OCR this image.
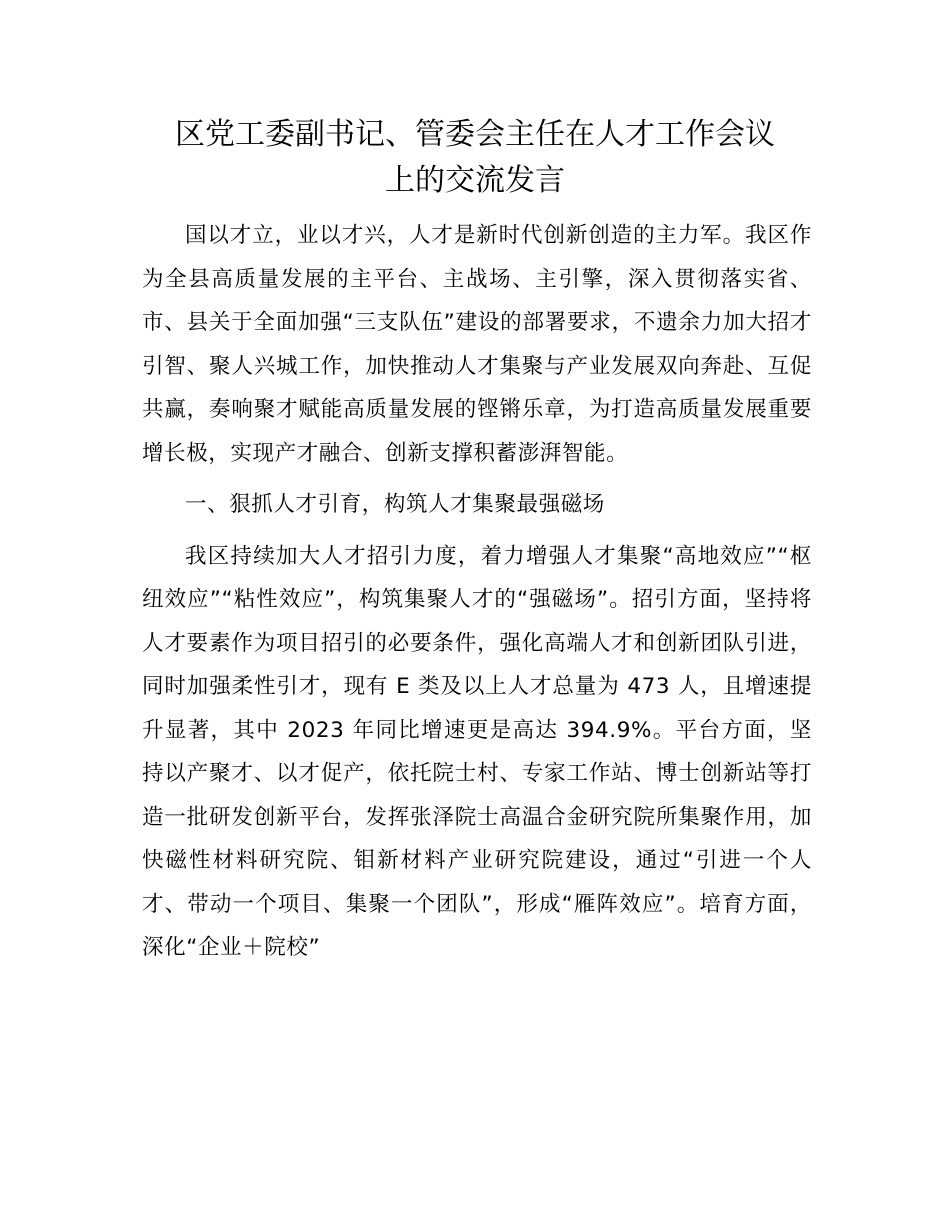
区党工委副书记、管委会主任在人才工作会议
上的交流发言

国以才立，业以才兴，人才是新时代创新创造的主力军。我区作为全县高质量发展的主平台、主战场、主引擎，深入贯彻落实省、市、县关于全面加强“三支队伍”建设的部署要求，不遗余力加大招才引智、聚人兴城工作，加快推动人才集聚与产业发展双向奔赴、互促共赢，奏响聚才赋能高质量发展的铿锵乐章，为打造高质量发展重要增长极，实现产才融合、创新支撑积蓄澎湃智能。

一、狠抓人才引育，构筑人才集聚最强磁场

我区持续加大人才招引力度，着力增强人才集聚“高地效应”“枢纽效应”“粘性效应”，构筑集聚人才的“强磁场”。招引方面，坚持将人才要素作为项目招引的必要条件，强化高端人才和创新团队引进，同时加强柔性引才，现有 E 类及以上人才总量为 473 人，且增速提升显著，其中 2023 年同比增速更是高达 394.9%。平台方面，坚持以产聚才、以才促产，依托院士村、专家工作站、博士创新站等打造一批研发创新平台，发挥张泽院士高温合金研究院所集聚作用，加快磁性材料研究院、钼新材料产业研究院建设，通过“引进一个人才、带动一个项目、集聚一个团队”，形成“雁阵效应”。培育方面，深化“企业＋院校”
